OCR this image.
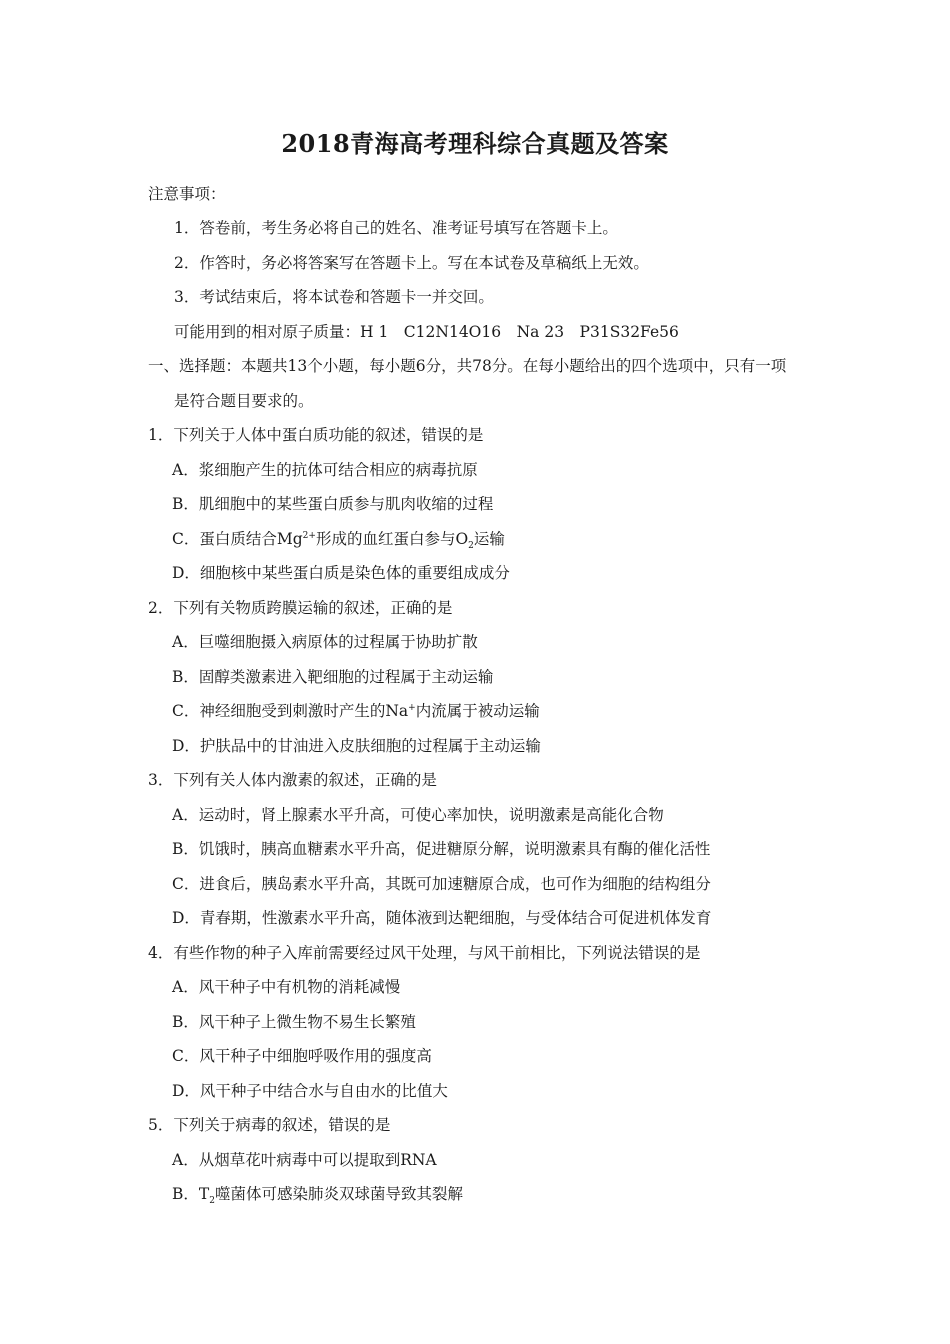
2018青海高考理科综合真题及答案
注意事项：
1．答卷前，考生务必将自己的姓名、准考证号填写在答题卡上。
2．作答时，务必将答案写在答题卡上。写在本试卷及草稿纸上无效。
3．考试结束后，将本试卷和答题卡一并交回。
可能用到的相对原子质量：H 1　C12N14O16　Na 23　P31S32Fe56
一、选择题：本题共13个小题，每小题6分，共78分。在每小题给出的四个选项中，只有一项
是符合题目要求的。
1．下列关于人体中蛋白质功能的叙述，错误的是
A．浆细胞产生的抗体可结合相应的病毒抗原
B．肌细胞中的某些蛋白质参与肌肉收缩的过程
C．蛋白质结合$Mg^{2+}$形成的血红蛋白参与$O_2$运输
D．细胞核中某些蛋白质是染色体的重要组成成分
2．下列有关物质跨膜运输的叙述，正确的是
A．巨噬细胞摄入病原体的过程属于协助扩散
B．固醇类激素进入靶细胞的过程属于主动运输
C．神经细胞受到刺激时产生的Na+内流属于被动运输
D．护肤品中的甘油进入皮肤细胞的过程属于主动运输
3．下列有关人体内激素的叙述，正确的是
A．运动时，肾上腺素水平升高，可使心率加快，说明激素是高能化合物
B．饥饿时，胰高血糖素水平升高，促进糖原分解，说明激素具有酶的催化活性
C．进食后，胰岛素水平升高，其既可加速糖原合成，也可作为细胞的结构组分
D．青春期，性激素水平升高，随体液到达靶细胞，与受体结合可促进机体发育
4．有些作物的种子入库前需要经过风干处理，与风干前相比，下列说法错误的是
A．风干种子中有机物的消耗减慢
B．风干种子上微生物不易生长繁殖
C．风干种子中细胞呼吸作用的强度高
D．风干种子中结合水与自由水的比值大
5．下列关于病毒的叙述，错误的是
A．从烟草花叶病毒中可以提取到RNA
B．$T_2$噬菌体可感染肺炎双球菌导致其裂解
